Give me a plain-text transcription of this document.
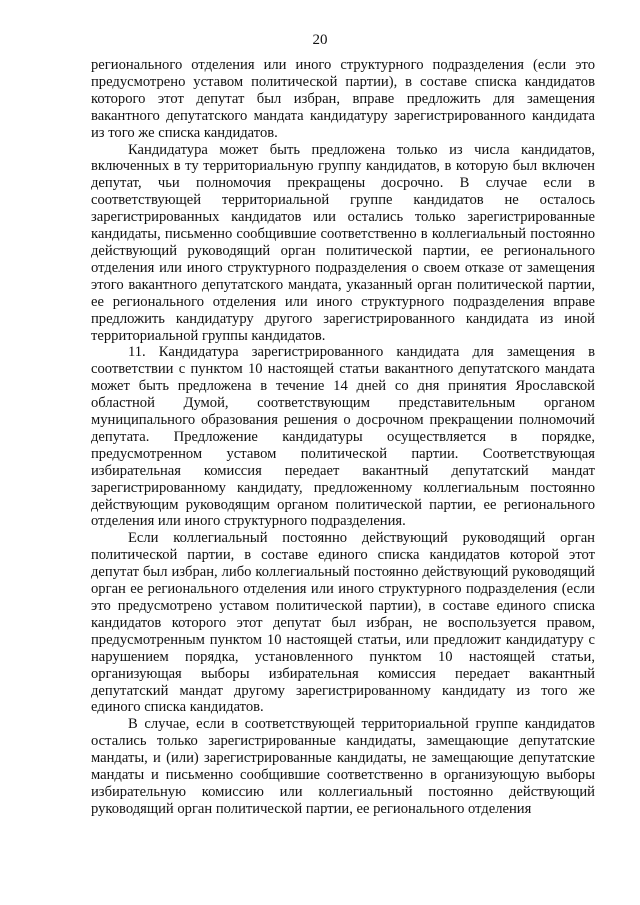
20

регионального отделения или иного структурного подразделения (если это предусмотрено уставом политической партии), в составе списка кандидатов которого этот депутат был избран, вправе предложить для замещения вакантного депутатского мандата кандидатуру зарегистрированного кандидата из того же списка кандидатов.

Кандидатура может быть предложена только из числа кандидатов, включенных в ту территориальную группу кандидатов, в которую был включен депутат, чьи полномочия прекращены досрочно. В случае если в соответствующей территориальной группе кандидатов не осталось зарегистрированных кандидатов или остались только зарегистрированные кандидаты, письменно сообщившие соответственно в коллегиальный постоянно действующий руководящий орган политической партии, ее регионального отделения или иного структурного подразделения о своем отказе от замещения этого вакантного депутатского мандата, указанный орган политической партии, ее регионального отделения или иного структурного подразделения вправе предложить кандидатуру другого зарегистрированного кандидата из иной территориальной группы кандидатов.

11. Кандидатура зарегистрированного кандидата для замещения в соответствии с пунктом 10 настоящей статьи вакантного депутатского мандата может быть предложена в течение 14 дней со дня принятия Ярославской областной Думой, соответствующим представительным органом муниципального образования решения о досрочном прекращении полномочий депутата. Предложение кандидатуры осуществляется в порядке, предусмотренном уставом политической партии. Соответствующая избирательная комиссия передает вакантный депутатский мандат зарегистрированному кандидату, предложенному коллегиальным постоянно действующим руководящим органом политической партии, ее регионального отделения или иного структурного подразделения.

Если коллегиальный постоянно действующий руководящий орган политической партии, в составе единого списка кандидатов которой этот депутат был избран, либо коллегиальный постоянно действующий руководящий орган ее регионального отделения или иного структурного подразделения (если это предусмотрено уставом политической партии), в составе единого списка кандидатов которого этот депутат был избран, не воспользуется правом, предусмотренным пунктом 10 настоящей статьи, или предложит кандидатуру с нарушением порядка, установленного пунктом 10 настоящей статьи, организующая выборы избирательная комиссия передает вакантный депутатский мандат другому зарегистрированному кандидату из того же единого списка кандидатов.

В случае, если в соответствующей территориальной группе кандидатов остались только зарегистрированные кандидаты, замещающие депутатские мандаты, и (или) зарегистрированные кандидаты, не замещающие депутатские мандаты и письменно сообщившие соответственно в организующую выборы избирательную комиссию или коллегиальный постоянно действующий руководящий орган политической партии, ее регионального отделения
